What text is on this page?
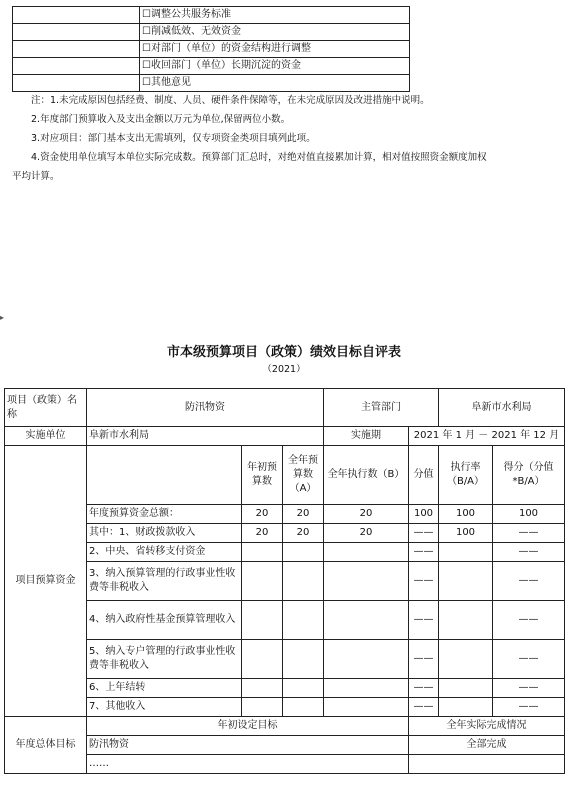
	☐调整公共服务标准
	☐削减低效、无效资金
	☐对部门（单位）的资金结构进行调整
	☐收回部门（单位）长期沉淀的资金
	☐其他意见
注：1.未完成原因包括经费、制度、人员、硬件条件保障等，在未完成原因及改进措施中说明。
2.年度部门预算收入及支出金额以万元为单位,保留两位小数。
3.对应项目：部门基本支出无需填列，仅专项资金类项目填列此项。
4.资金使用单位填写本单位实际完成数。预算部门汇总时，对绝对值直接累加计算，相对值按照资金额度加权
平均计算。
▸
市本级预算项目（政策）绩效目标自评表
（2021）
项目（政策）名称	防汛物资			主管部门		阜新市水利局	
实施单位	阜新市水利局			实施期	2021 年 1 月 － 2021 年 12 月		
项目预算资金		年初预算数	全年预算数（A）	全年执行数（B）	分值	执行率（B/A）	得分（分值*B/A）
	年度预算资金总额：	20	20	20	100	100	100
	其中：1、财政拨款收入	20	20	20	——	100	——
	2、中央、省转移支付资金				——		——
	3、纳入预算管理的行政事业性收费等非税收入				——		——
	4、纳入政府性基金预算管理收入				——		——
	5、纳入专户管理的行政事业性收费等非税收入				——		——
	6、上年结转				——		——
	7、其他收入				——		——
年度总体目标	年初设定目标				全年实际完成情况		
	防汛物资				全部完成		
	……						
